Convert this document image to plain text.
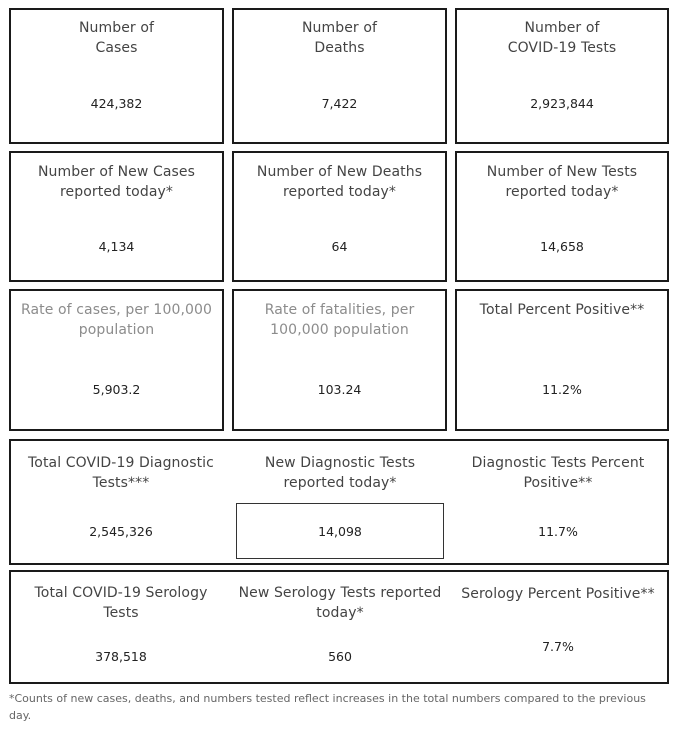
Number of
Cases
424,382
Number of
Deaths
7,422
Number of
COVID-19 Tests
2,923,844
Number of New Cases
reported today*
4,134
Number of New Deaths
reported today*
64
Number of New Tests
reported today*
14,658
Rate of cases, per 100,000
population
5,903.2
Rate of fatalities, per
100,000 population
103.24
Total Percent Positive**
11.2%
Total COVID-19 Diagnostic
Tests***
2,545,326
New Diagnostic Tests
reported today*
14,098
Diagnostic Tests Percent
Positive**
11.7%
Total COVID-19 Serology
Tests
378,518
New Serology Tests reported
today*
560
Serology Percent Positive**
7.7%
*Counts of new cases, deaths, and numbers tested reflect increases in the total numbers compared to the previous day.
